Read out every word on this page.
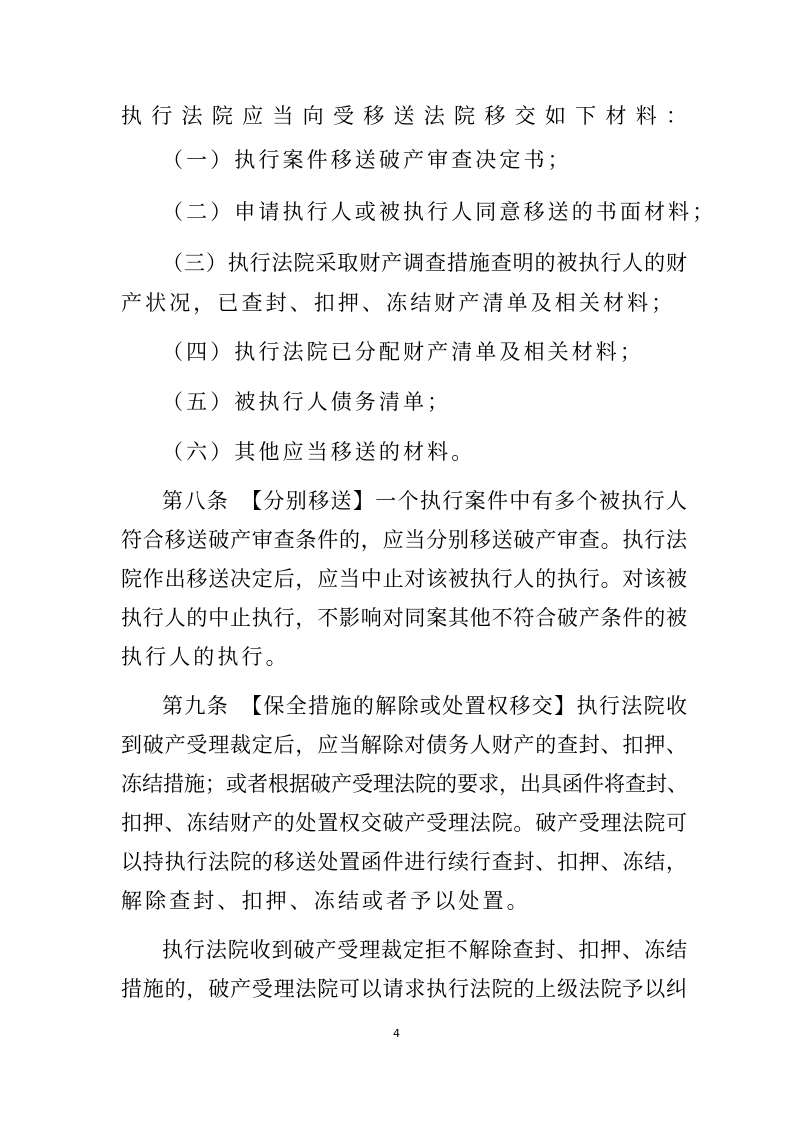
执行法院应当向受移送法院移交如下材料：
（一）执行案件移送破产审查决定书；
（二）申请执行人或被执行人同意移送的书面材料；
（三）执行法院采取财产调查措施查明的被执行人的财
产状况，已查封、扣押、冻结财产清单及相关材料；
（四）执行法院已分配财产清单及相关材料；
（五）被执行人债务清单；
（六）其他应当移送的材料。
第八条　【分别移送】一个执行案件中有多个被执行人
符合移送破产审查条件的，应当分别移送破产审查。执行法
院作出移送决定后，应当中止对该被执行人的执行。对该被
执行人的中止执行，不影响对同案其他不符合破产条件的被
执行人的执行。
第九条　【保全措施的解除或处置权移交】执行法院收
到破产受理裁定后，应当解除对债务人财产的查封、扣押、
冻结措施；或者根据破产受理法院的要求，出具函件将查封、
扣押、冻结财产的处置权交破产受理法院。破产受理法院可
以持执行法院的移送处置函件进行续行查封、扣押、冻结，
解除查封、扣押、冻结或者予以处置。
执行法院收到破产受理裁定拒不解除查封、扣押、冻结
措施的，破产受理法院可以请求执行法院的上级法院予以纠
4
